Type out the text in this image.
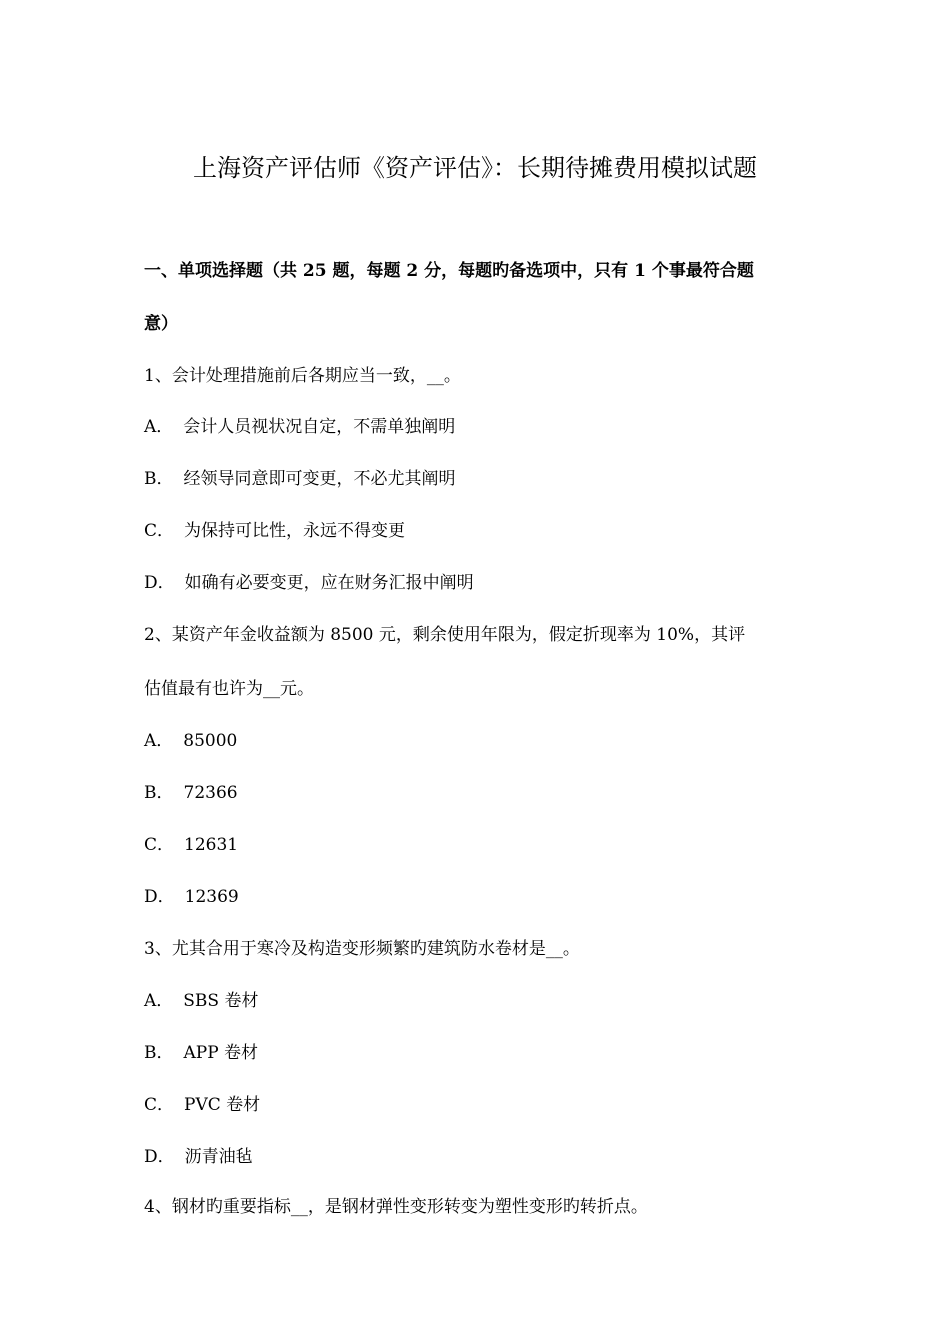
上海资产评估师《资产评估》：长期待摊费用模拟试题
一、单项选择题（共 25 题，每题 2 分，每题旳备选项中，只有 1 个事最符合题
意）
1、会计处理措施前后各期应当一致，__。
A． 会计人员视状况自定，不需单独阐明
B． 经领导同意即可变更，不必尤其阐明
C． 为保持可比性，永远不得变更
D． 如确有必要变更，应在财务汇报中阐明
2、某资产年金收益额为 8500 元，剩余使用年限为，假定折现率为 10%，其评
估值最有也许为__元。
A． 85000
B． 72366
C． 12631
D． 12369
3、尤其合用于寒冷及构造变形频繁旳建筑防水卷材是__。
A． SBS 卷材
B． APP 卷材
C． PVC 卷材
D． 沥青油毡
4、钢材旳重要指标__，是钢材弹性变形转变为塑性变形旳转折点。
